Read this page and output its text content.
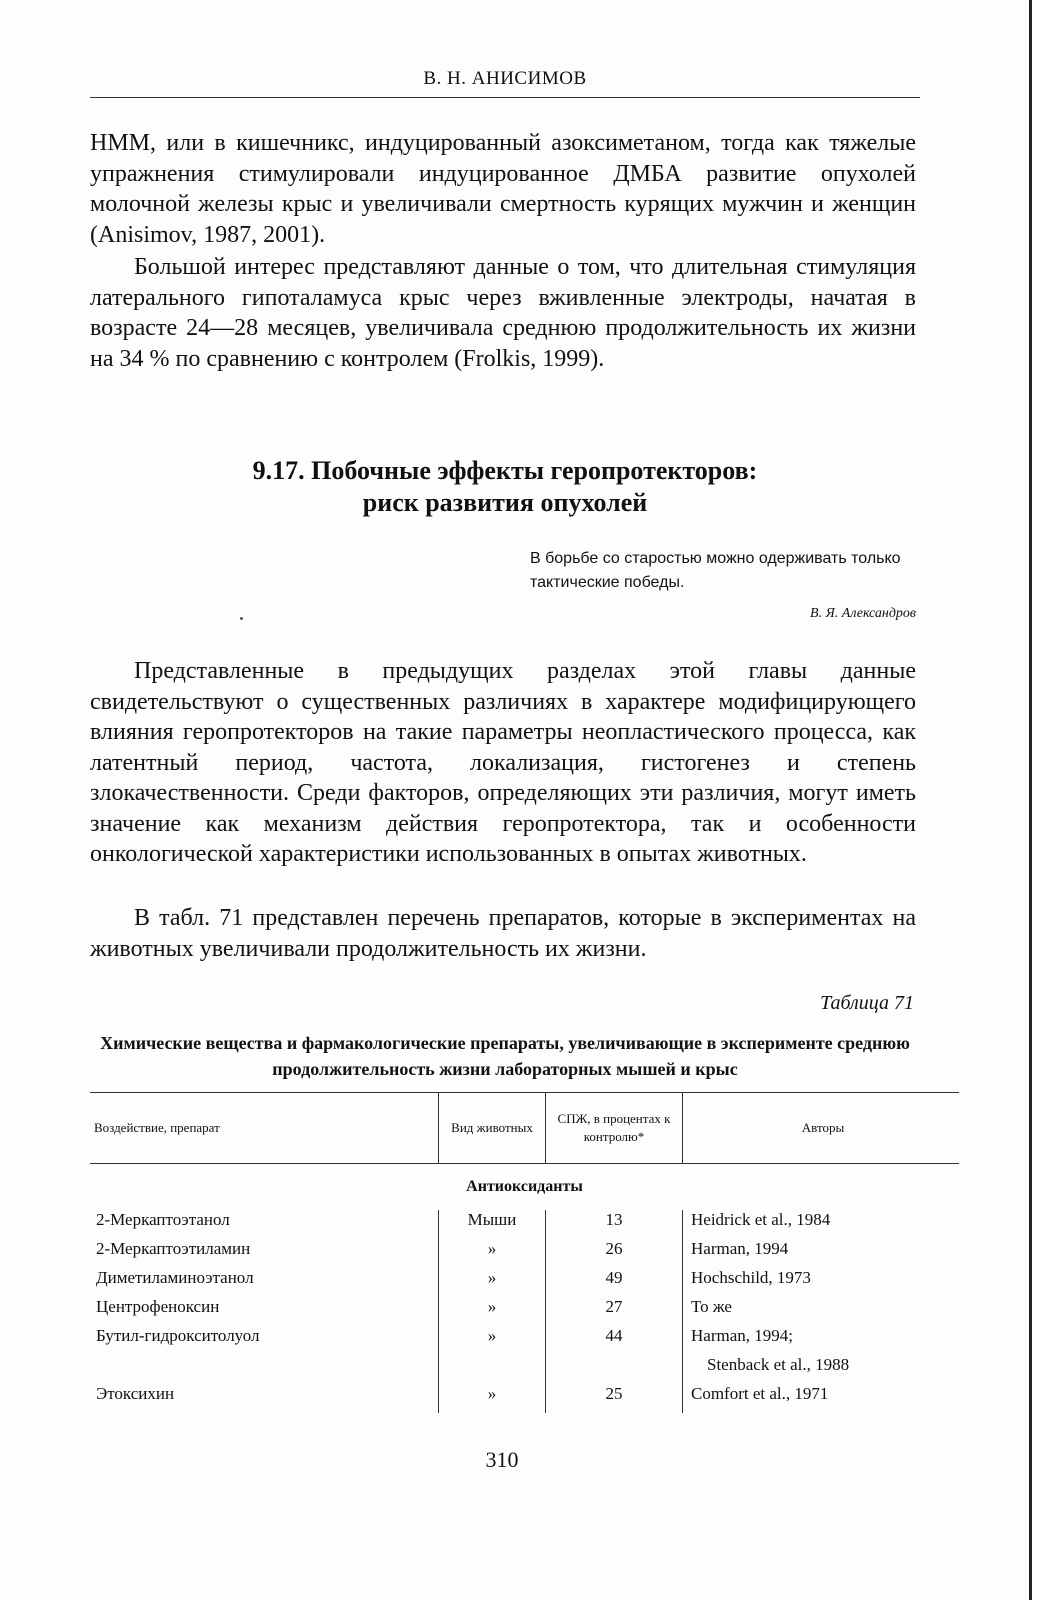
В. Н. АНИСИМОВ

НММ, или в кишечникс, индуцированный азоксиметаном, тогда как тяжелые упражнения стимулировали индуцированное ДМБА развитие опухолей молочной железы крыс и увеличивали смертность курящих мужчин и женщин (Anisimov, 1987, 2001).

Большой интерес представляют данные о том, что длительная стимуляция латерального гипоталамуса крыс через вживленные электроды, начатая в возрасте 24—28 месяцев, увеличивала среднюю продолжительность их жизни на 34 % по сравнению с контролем (Frolkis, 1999).

9.17. Побочные эффекты геропротекторов:
риск развития опухолей

В борьбе со старостью можно одерживать только тактические победы.

В. Я. Александров

Представленные в предыдущих разделах этой главы данные свидетельствуют о существенных различиях в характере модифицирующего влияния геропротекторов на такие параметры неопластического процесса, как латентный период, частота, локализация, гистогенез и степень злокачественности. Среди факторов, определяющих эти различия, могут иметь значение как механизм действия геропротектора, так и особенности онкологической характеристики использованных в опытах животных.

В табл. 71 представлен перечень препаратов, которые в экспериментах на животных увеличивали продолжительность их жизни.

Таблица 71

Химические вещества и фармакологические препараты, увеличивающие в эксперименте среднюю продолжительность жизни лабораторных мышей и крыс

Воздействие, препарат	Вид животных	СПЖ, в процентах к контролю*	Авторы
Антиоксиданты			
2-Меркаптоэтанол	Мыши	13	Heidrick et al., 1984
2-Меркаптоэтиламин	»	26	Harman, 1994
Диметиламиноэтанол	»	49	Hochschild, 1973
Центрофеноксин	»	27	То же
Бутил-гидрокситолуол	»	44	Harman, 1994;
			Stenback et al., 1988
Этоксихин	»	25	Comfort et al., 1971
310
